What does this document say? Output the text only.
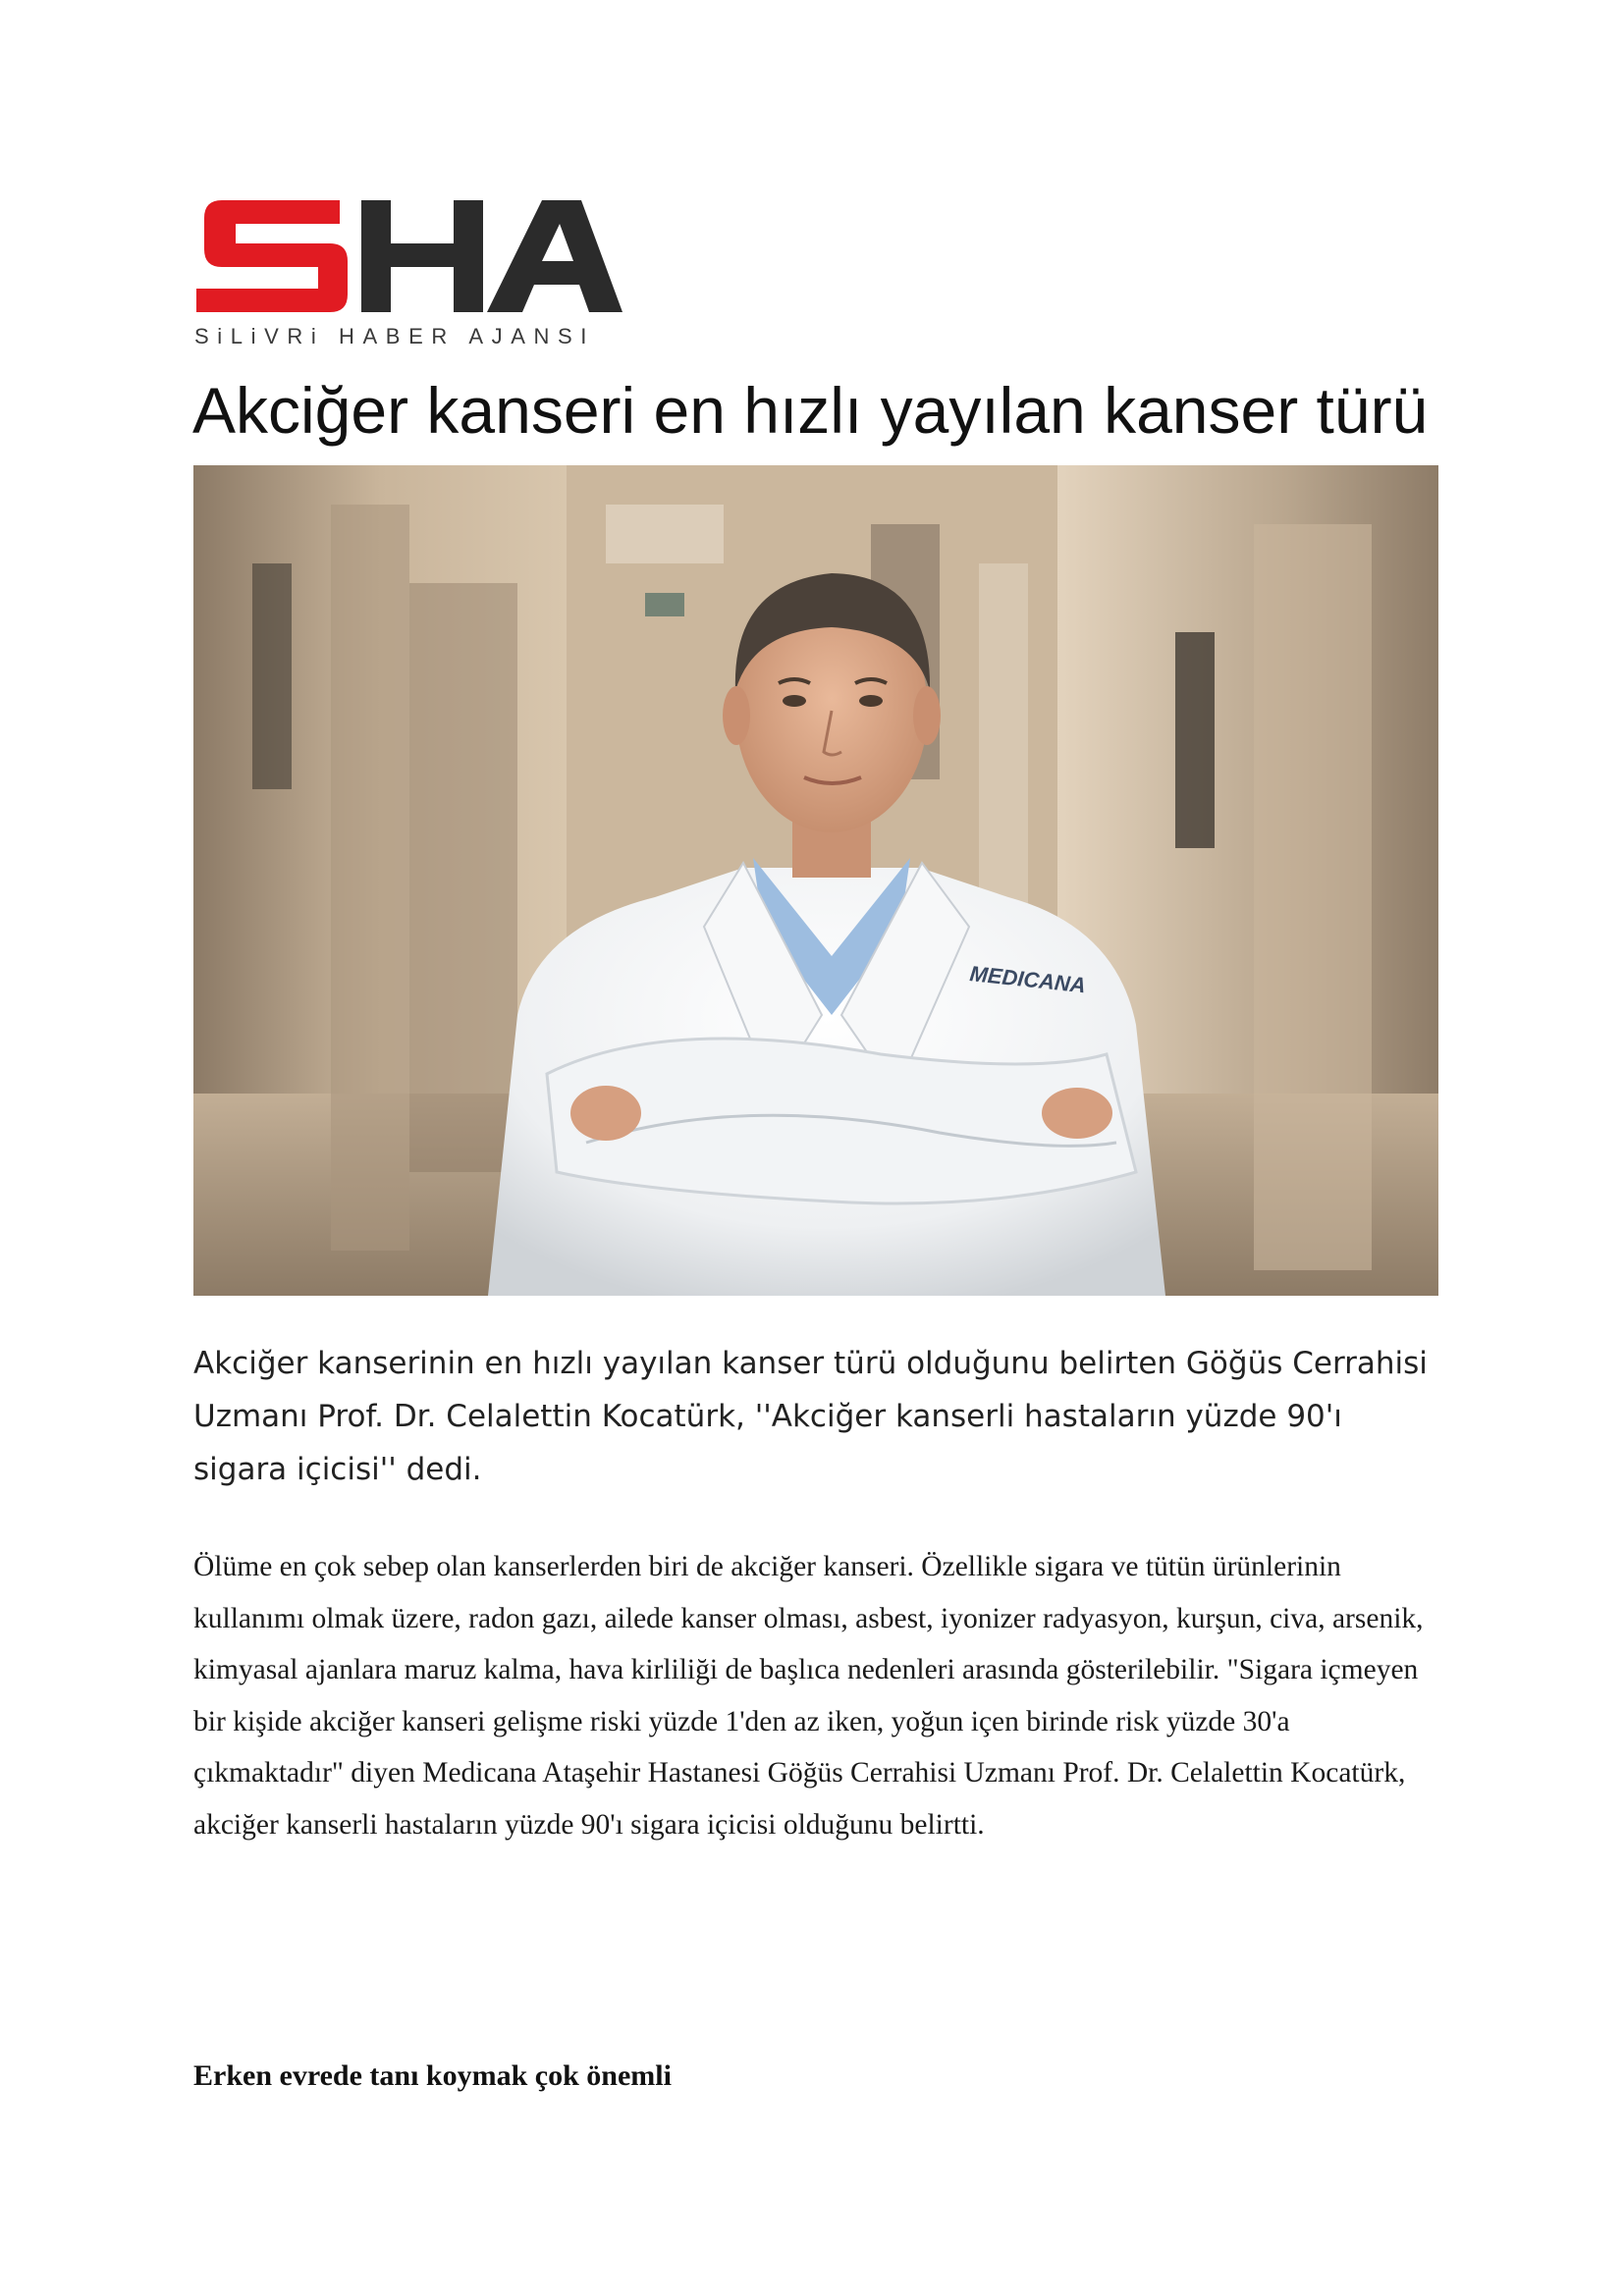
SiLiVRi HABER AJANSI
Akciğer kanseri en hızlı yayılan kanser türü
MEDICANA

Akciğer kanserinin en hızlı yayılan kanser türü olduğunu belirten Göğüs Cerrahisi Uzmanı Prof. Dr. Celalettin Kocatürk, ''Akciğer kanserli hastaların yüzde 90'ı sigara içicisi'' dedi.

Ölüme en çok sebep olan kanserlerden biri de akciğer kanseri. Özellikle sigara ve tütün ürünlerinin kullanımı olmak üzere, radon gazı, ailede kanser olması, asbest, iyonizer radyasyon, kurşun, civa, arsenik, kimyasal ajanlara maruz kalma, hava kirliliği de başlıca nedenleri arasında gösterilebilir. "Sigara içmeyen bir kişide akciğer kanseri gelişme riski yüzde 1'den az iken, yoğun içen birinde risk yüzde 30'a çıkmaktadır" diyen Medicana Ataşehir Hastanesi Göğüs Cerrahisi Uzmanı Prof. Dr. Celalettin Kocatürk, akciğer kanserli hastaların yüzde 90'ı sigara içicisi olduğunu belirtti.

Erken evrede tanı koymak çok önemli
